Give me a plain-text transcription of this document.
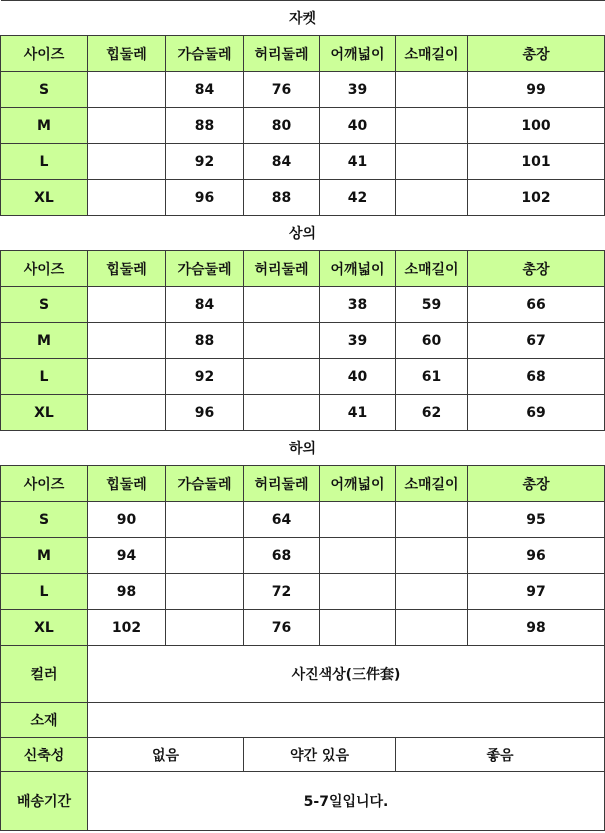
자켓						
사이즈	힙둘레	가슴둘레	허리둘레	어깨넓이	소매길이	총장
S		84	76	39		99
M		88	80	40		100
L		92	84	41		101
XL		96	88	42		102
상의						
사이즈	힙둘레	가슴둘레	허리둘레	어깨넓이	소매길이	총장
S		84		38	59	66
M		88		39	60	67
L		92		40	61	68
XL		96		41	62	69
하의						
사이즈	힙둘레	가슴둘레	허리둘레	어깨넓이	소매길이	총장
S	90		64			95
M	94		68			96
L	98		72			97
XL	102		76			98
컬러	사진색상(三件套)					
소재						
신축성	없음		약간 있음		좋음	
배송기간	5-7일입니다.					
